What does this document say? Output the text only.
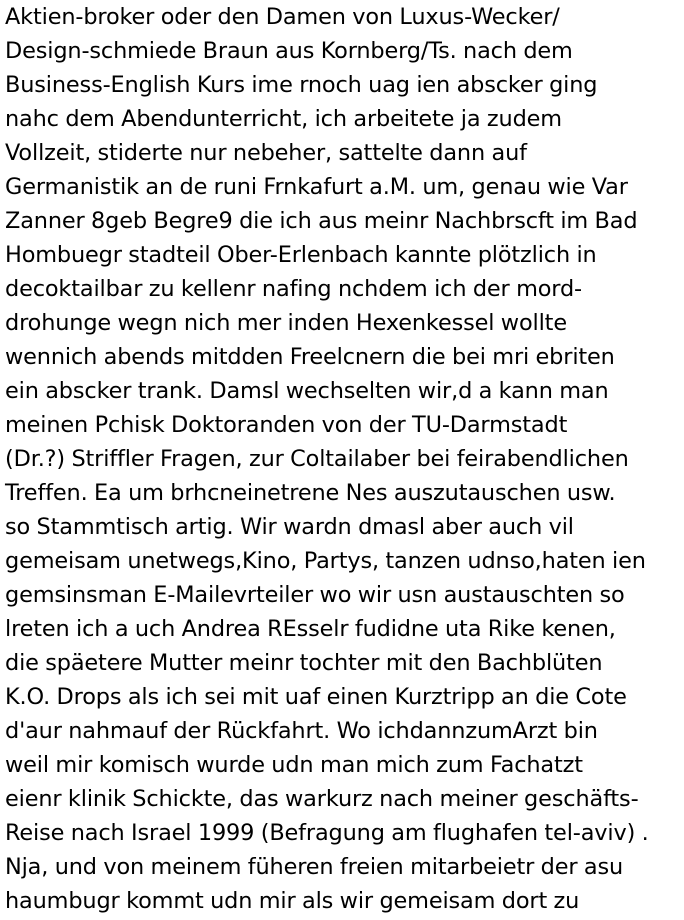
Aktien-broker oder den Damen von Luxus-Wecker/
Design-schmiede Braun aus Kornberg/Ts. nach dem
Business-English Kurs ime rnoch uag ien abscker ging
nahc dem Abendunterricht, ich arbeitete ja zudem
Vollzeit, stiderte nur nebeher, sattelte dann auf
Germanistik an de runi Frnkafurt a.M. um, genau wie Var
Zanner 8geb Begre9 die ich aus meinr Nachbrscft im Bad
Hombuegr stadteil Ober-Erlenbach kannte plötzlich in
decoktailbar zu kellenr nafing nchdem ich der mord-
drohunge wegn nich mer inden Hexenkessel wollte
wennich abends mitdden Freelcnern die bei mri ebriten
ein abscker trank. Damsl wechselten wir,d a kann man
meinen Pchisk Doktoranden von der TU-Darmstadt
(Dr.?) Striffler Fragen, zur Coltailaber bei feirabendlichen
Treffen. Ea um brhcneinetrene Nes auszutauschen usw.
so Stammtisch artig. Wir wardn dmasl aber auch vil
gemeisam unetwegs,Kino, Partys, tanzen udnso,haten ien
gemsinsman E-Mailevrteiler wo wir usn austauschten so
lreten ich a uch Andrea REsselr fudidne uta Rike kenen,
die späetere Mutter meinr tochter mit den Bachblüten
K.O. Drops als ich sei mit uaf einen Kurztripp an die Cote
d'aur nahmauf der Rückfahrt. Wo ichdannzumArzt bin
weil mir komisch wurde udn man mich zum Fachatzt
eienr klinik Schickte, das warkurz nach meiner geschäfts-
Reise nach Israel 1999 (Befragung am flughafen tel-aviv) .
Nja, und von meinem füheren freien mitarbeietr der asu
haumbugr kommt udn mir als wir gemeisam dort zu
